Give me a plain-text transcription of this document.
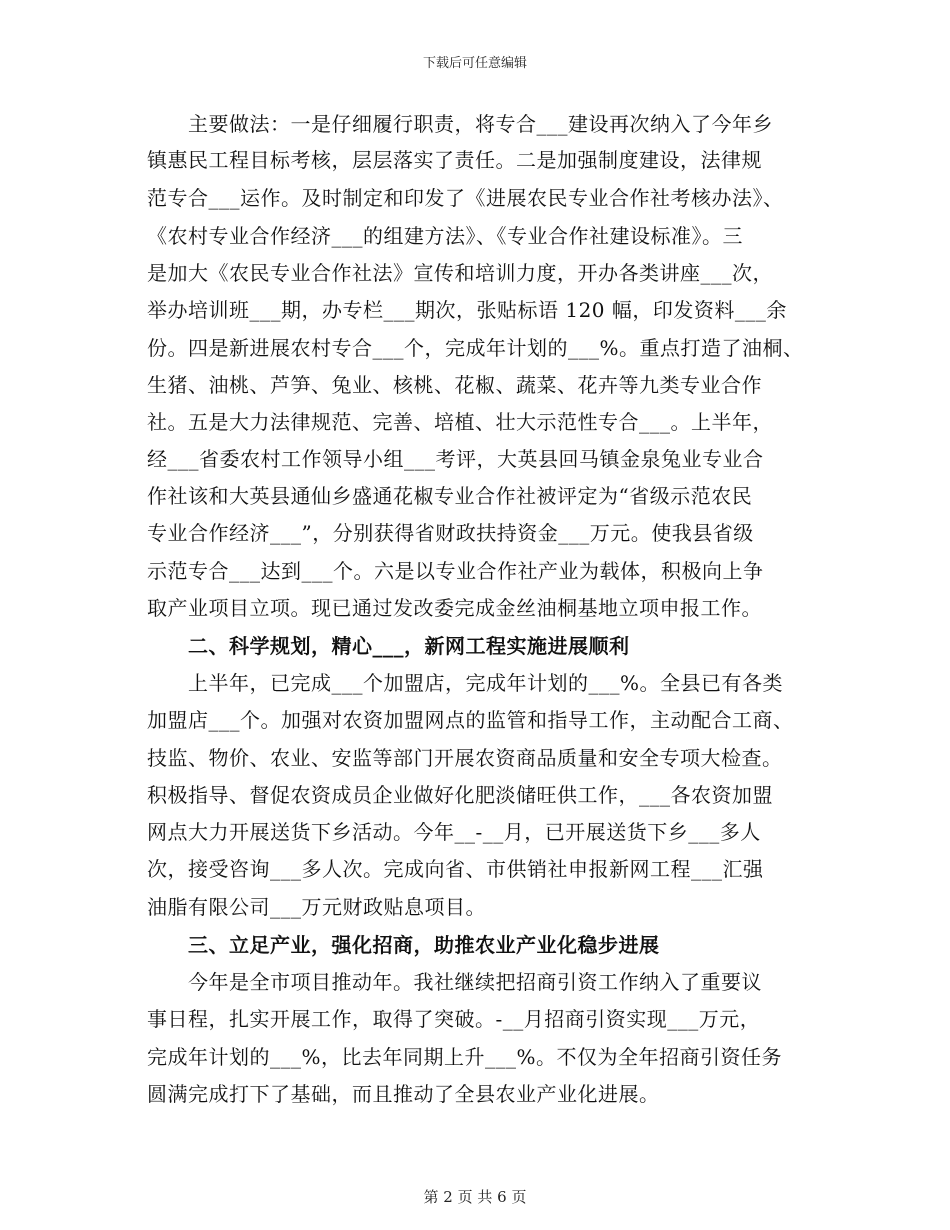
下载后可任意编辑
主要做法：一是仔细履行职责，将专合___建设再次纳入了今年乡
镇惠民工程目标考核，层层落实了责任。二是加强制度建设，法律规
范专合___运作。及时制定和印发了《进展农民专业合作社考核办法》、
《农村专业合作经济___的组建方法》、《专业合作社建设标准》。三
是加大《农民专业合作社法》宣传和培训力度，开办各类讲座___次，
举办培训班___期，办专栏___期次，张贴标语 120 幅，印发资料___余
份。四是新进展农村专合___个，完成年计划的___%。重点打造了油桐、
生猪、油桃、芦笋、兔业、核桃、花椒、蔬菜、花卉等九类专业合作
社。五是大力法律规范、完善、培植、壮大示范性专合___。上半年，
经___省委农村工作领导小组___考评，大英县回马镇金泉兔业专业合
作社该和大英县通仙乡盛通花椒专业合作社被评定为“省级示范农民
专业合作经济___”，分别获得省财政扶持资金___万元。使我县省级
示范专合___达到___个。六是以专业合作社产业为载体，积极向上争
取产业项目立项。现已通过发改委完成金丝油桐基地立项申报工作。
二、科学规划，精心___，新网工程实施进展顺利
上半年，已完成___个加盟店，完成年计划的___%。全县已有各类
加盟店___个。加强对农资加盟网点的监管和指导工作，主动配合工商、
技监、物价、农业、安监等部门开展农资商品质量和安全专项大检查。
积极指导、督促农资成员企业做好化肥淡储旺供工作，___各农资加盟
网点大力开展送货下乡活动。今年__-__月，已开展送货下乡___多人
次，接受咨询___多人次。完成向省、市供销社申报新网工程___汇强
油脂有限公司___万元财政贴息项目。
三、立足产业，强化招商，助推农业产业化稳步进展
今年是全市项目推动年。我社继续把招商引资工作纳入了重要议
事日程，扎实开展工作，取得了突破。-__月招商引资实现___万元，
完成年计划的___%，比去年同期上升___%。不仅为全年招商引资任务
圆满完成打下了基础，而且推动了全县农业产业化进展。
第 2 页 共 6 页
